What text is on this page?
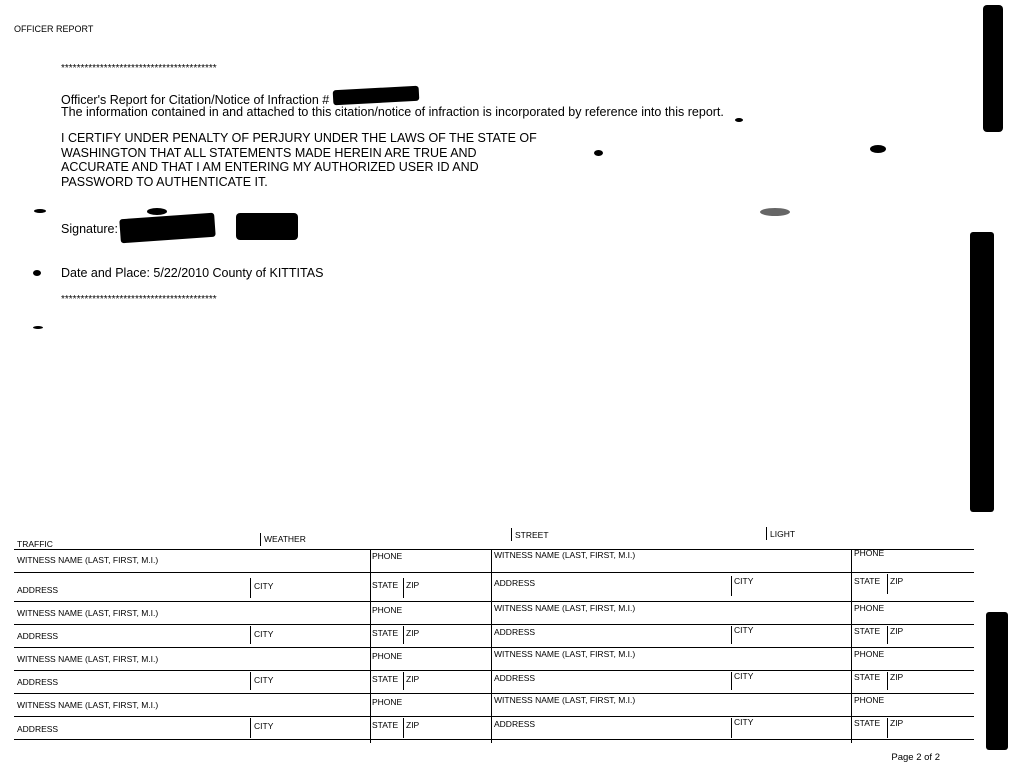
OFFICER REPORT
****************************************
Officer's Report for Citation/Notice of Infraction #
The information contained in and attached to this citation/notice of infraction is incorporated by reference into this report.
I CERTIFY UNDER PENALTY OF PERJURY UNDER THE LAWS OF THE STATE OF
WASHINGTON THAT ALL STATEMENTS MADE HEREIN ARE TRUE AND
ACCURATE AND THAT I AM ENTERING MY AUTHORIZED USER ID AND
PASSWORD TO AUTHENTICATE IT.
Signature:
Date and Place: 5/22/2010 County of KITTITAS
****************************************
TRAFFIC	WEATHER	STREET	LIGHT
WITNESS NAME (LAST, FIRST, M.I.)	PHONE	WITNESS NAME (LAST, FIRST, M.I.)	PHONE
ADDRESS	CITY	STATE ZIP	ADDRESS	CITY	STATE ZIP
WITNESS NAME (LAST, FIRST, M.I.)	PHONE	WITNESS NAME (LAST, FIRST, M.I.)	PHONE
ADDRESS	CITY	STATE ZIP	ADDRESS	CITY	STATE ZIP
WITNESS NAME (LAST, FIRST, M.I.)	PHONE	WITNESS NAME (LAST, FIRST, M.I.)	PHONE
ADDRESS	CITY	STATE ZIP	ADDRESS	CITY	STATE ZIP
WITNESS NAME (LAST, FIRST, M.I.)	PHONE	WITNESS NAME (LAST, FIRST, M.I.)	PHONE
ADDRESS	CITY	STATE ZIP	ADDRESS	CITY	STATE ZIP
Page 2 of 2
